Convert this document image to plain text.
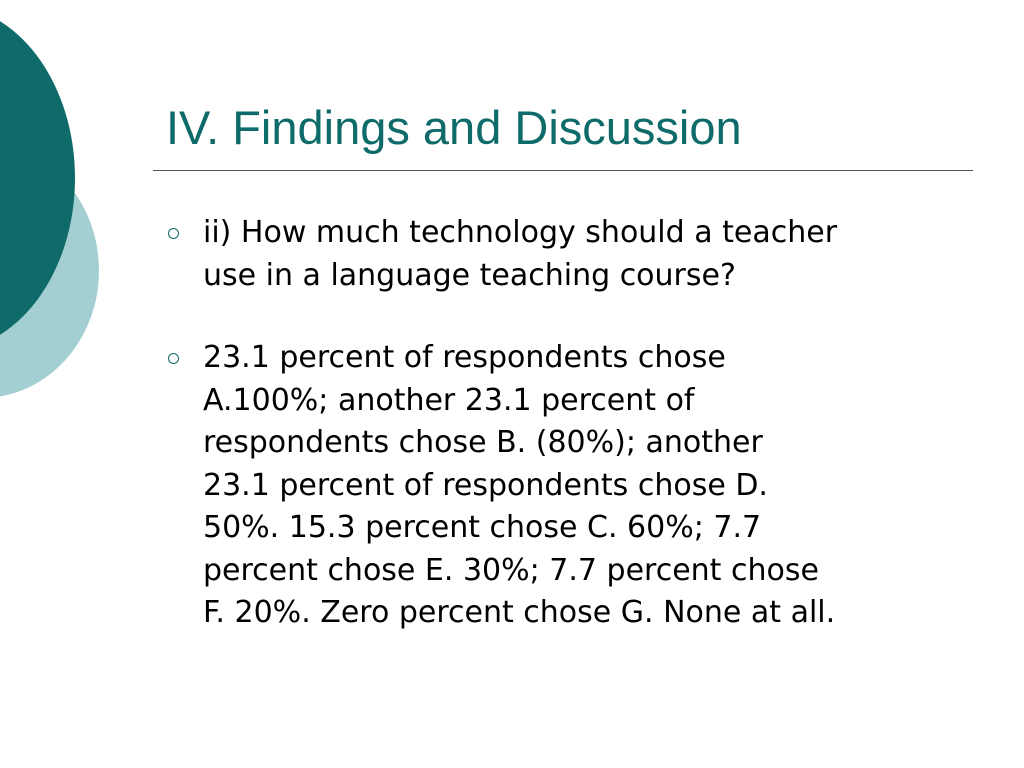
IV. Findings and Discussion
ii) How much technology should a teacher
use in a language teaching course?
23.1 percent of respondents chose
A.100%; another 23.1 percent of
respondents chose B. (80%); another
23.1 percent of respondents chose D.
50%. 15.3 percent chose C. 60%; 7.7
percent chose E. 30%; 7.7 percent chose
F. 20%. Zero percent chose G. None at all.
